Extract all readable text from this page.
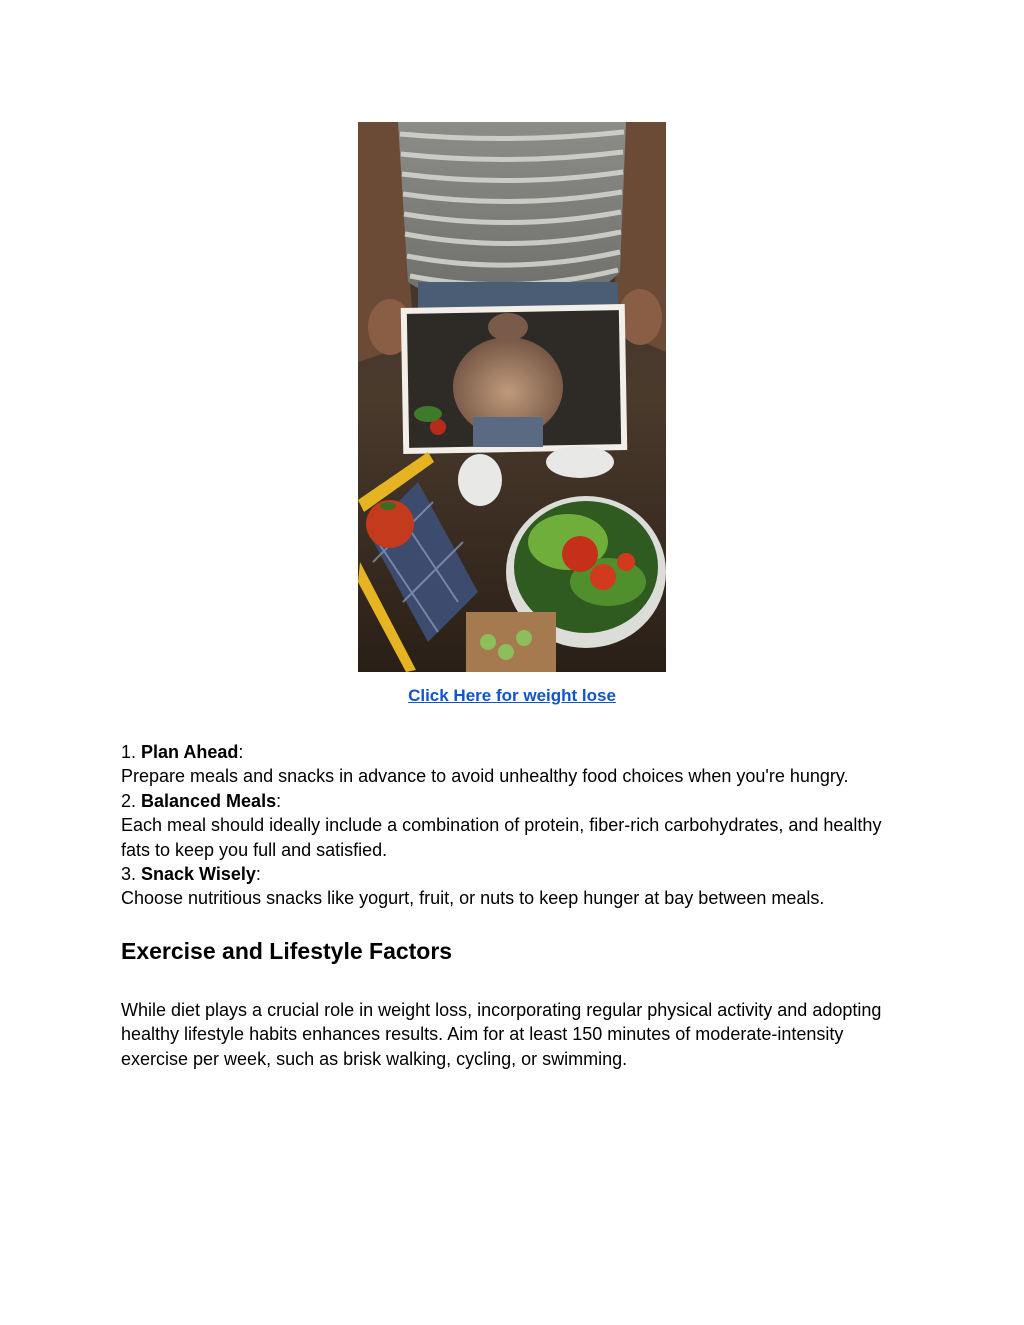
Click Here for weight lose

1. Plan Ahead:

Prepare meals and snacks in advance to avoid unhealthy food choices when you're hungry.

2. Balanced Meals:

Each meal should ideally include a combination of protein, fiber-rich carbohydrates, and healthy fats to keep you full and satisfied.

3. Snack Wisely:

Choose nutritious snacks like yogurt, fruit, or nuts to keep hunger at bay between meals.

Exercise and Lifestyle Factors

While diet plays a crucial role in weight loss, incorporating regular physical activity and adopting healthy lifestyle habits enhances results. Aim for at least 150 minutes of moderate-intensity exercise per week, such as brisk walking, cycling, or swimming.
